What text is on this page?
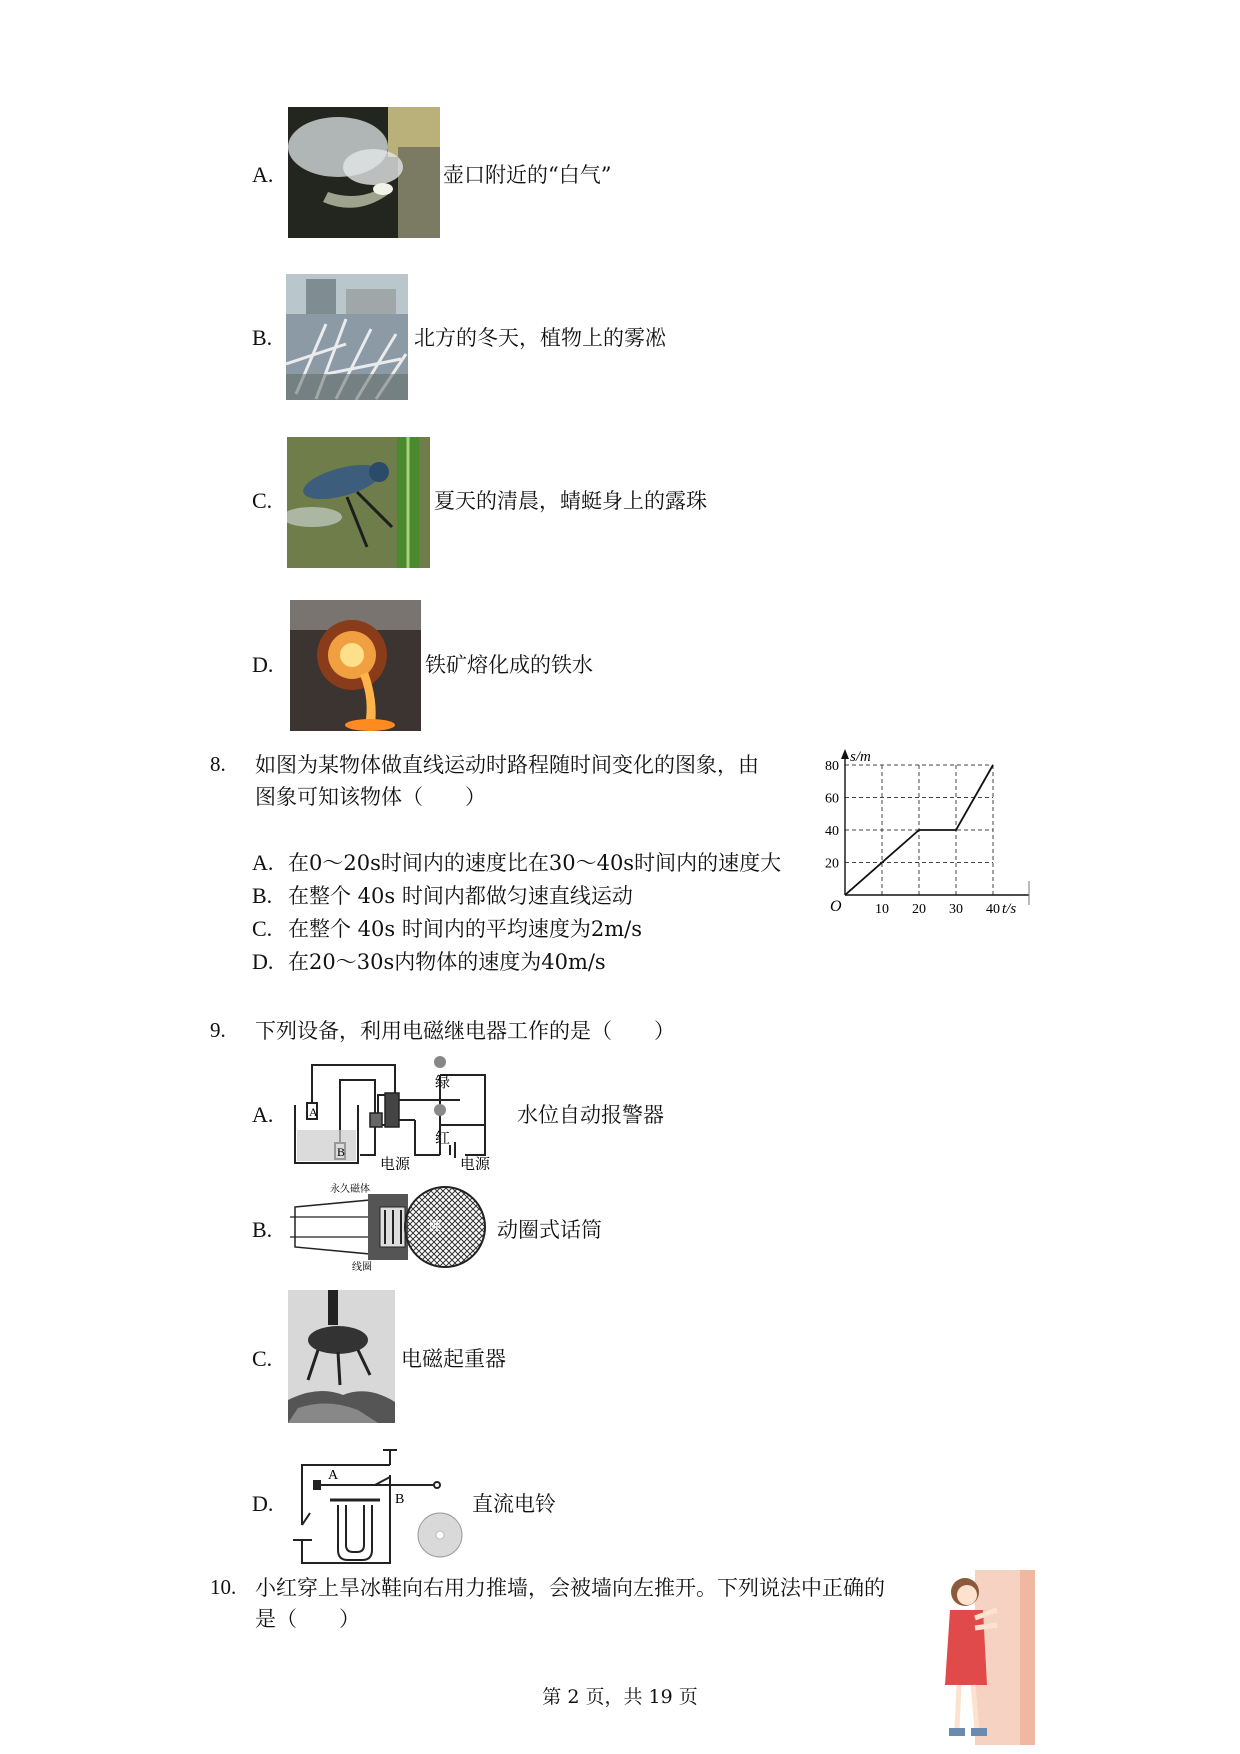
A.	壶口附近的“白气”
B.	北方的冬天，植物上的雾凇
C.	夏天的清晨，蜻蜓身上的露珠
D.	铁矿熔化成的铁水
8. 如图为某物体做直线运动时路程随时间变化的图象，由
图象可知该物体（　　）
A. 在0～20s时间内的速度比在30～40s时间内的速度大
B. 在整个 40s 时间内都做匀速直线运动
C. 在整个 40s 时间内的平均速度为2m/s
D. 在20～30s内物体的速度为40m/s
10 20 30 40
20
40
60
80
s/m
t/s
O
9. 下列设备，利用电磁继电器工作的是（　　）
A.	A
B
绿
红
电源	电源
水位自动报警器
B.
永久磁体
线圈
膜	动圈式话筒
C.	电磁起重器
D.
A
B	直流电铃
10. 小红穿上旱冰鞋向右用力推墙，会被墙向左推开。下列说法中正确的
是（　　）
第 2 页，共 19 页
